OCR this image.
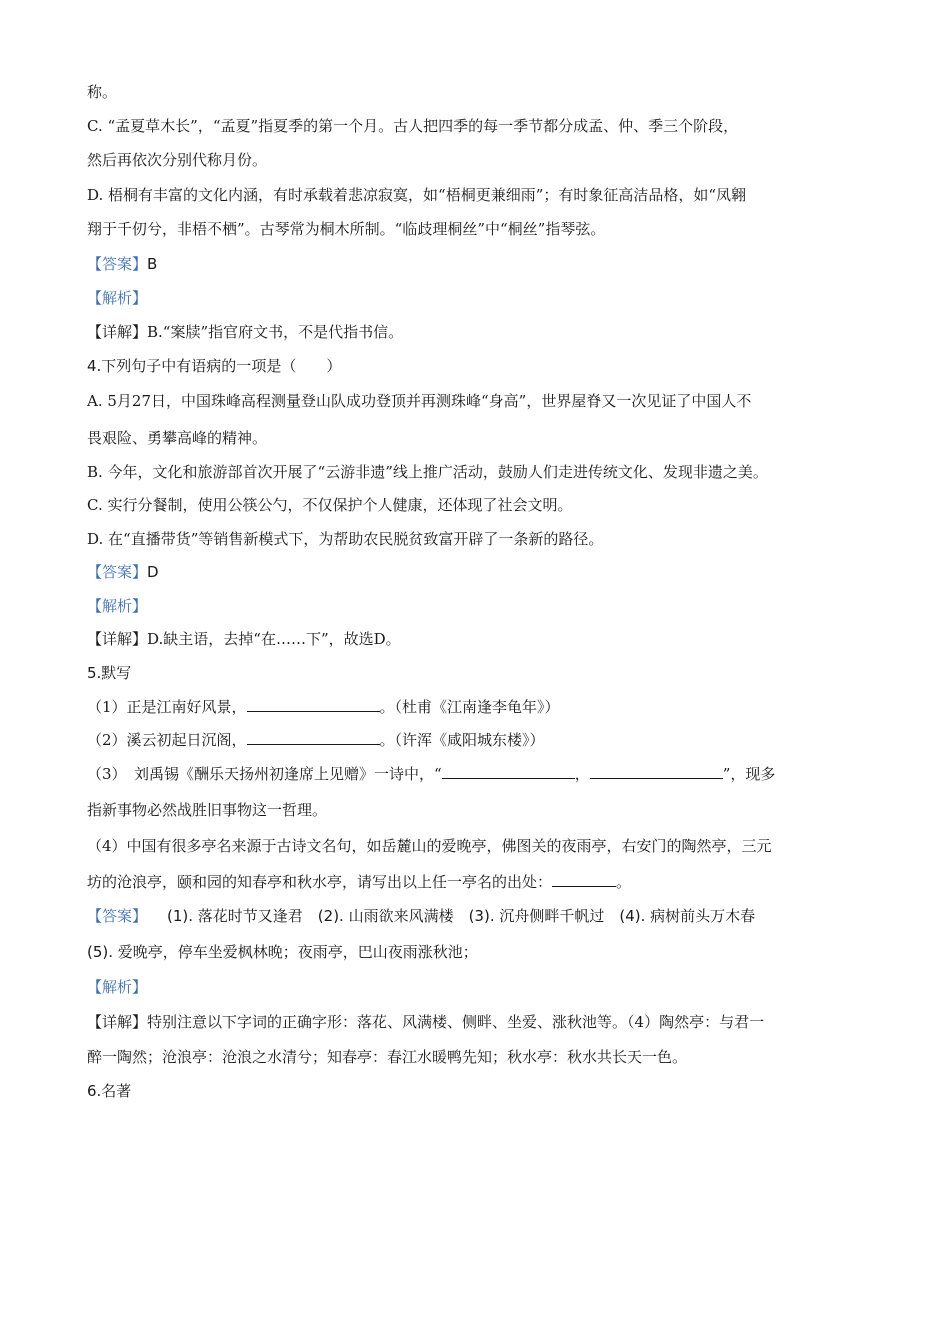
称。
C. “孟夏草木长”，“孟夏”指夏季的第一个月。古人把四季的每一季节都分成孟、仲、季三个阶段，
然后再依次分别代称月份。
D. 梧桐有丰富的文化内涵，有时承载着悲凉寂寞，如“梧桐更兼细雨”；有时象征高洁品格，如“凤翱
翔于千仞兮，非梧不栖”。古琴常为桐木所制。“临歧理桐丝”中“桐丝”指琴弦。
【答案】B
【解析】
【详解】B.“案牍”指官府文书，不是代指书信。
4.下列句子中有语病的一项是（　　）
A. 5月27日，中国珠峰高程测量登山队成功登顶并再测珠峰“身高”，世界屋脊又一次见证了中国人不
畏艰险、勇攀高峰的精神。
B. 今年，文化和旅游部首次开展了“云游非遗”线上推广活动，鼓励人们走进传统文化、发现非遗之美。
C. 实行分餐制，使用公筷公勺，不仅保护个人健康，还体现了社会文明。
D. 在“直播带货”等销售新模式下，为帮助农民脱贫致富开辟了一条新的路径。
【答案】D
【解析】
【详解】D.缺主语，去掉“在……下”，故选D。
5.默写
（1）正是江南好风景，	。（杜甫《江南逢李龟年》）
（2）溪云初起日沉阁，	。（许浑《咸阳城东楼》）
（3）　刘禹锡《酬乐天扬州初逢席上见赠》一诗中，“	，	”，现多
指新事物必然战胜旧事物这一哲理。
（4）中国有很多亭名来源于古诗文名句，如岳麓山的爱晚亭，佛图关的夜雨亭，右安门的陶然亭，三元
坊的沧浪亭，颐和园的知春亭和秋水亭，请写出以上任一亭名的出处：	。
【答案】 (1). 落花时节又逢君　(2). 山雨欲来风满楼　(3). 沉舟侧畔千帆过　(4). 病树前头万木春
(5). 爱晚亭，停车坐爱枫林晚；夜雨亭，巴山夜雨涨秋池；
【解析】
【详解】特别注意以下字词的正确字形：落花、风满楼、侧畔、坐爱、涨秋池等。（4）陶然亭：与君一
醉一陶然；沧浪亭：沧浪之水清兮；知春亭：春江水暖鸭先知；秋水亭：秋水共长天一色。
6.名著
